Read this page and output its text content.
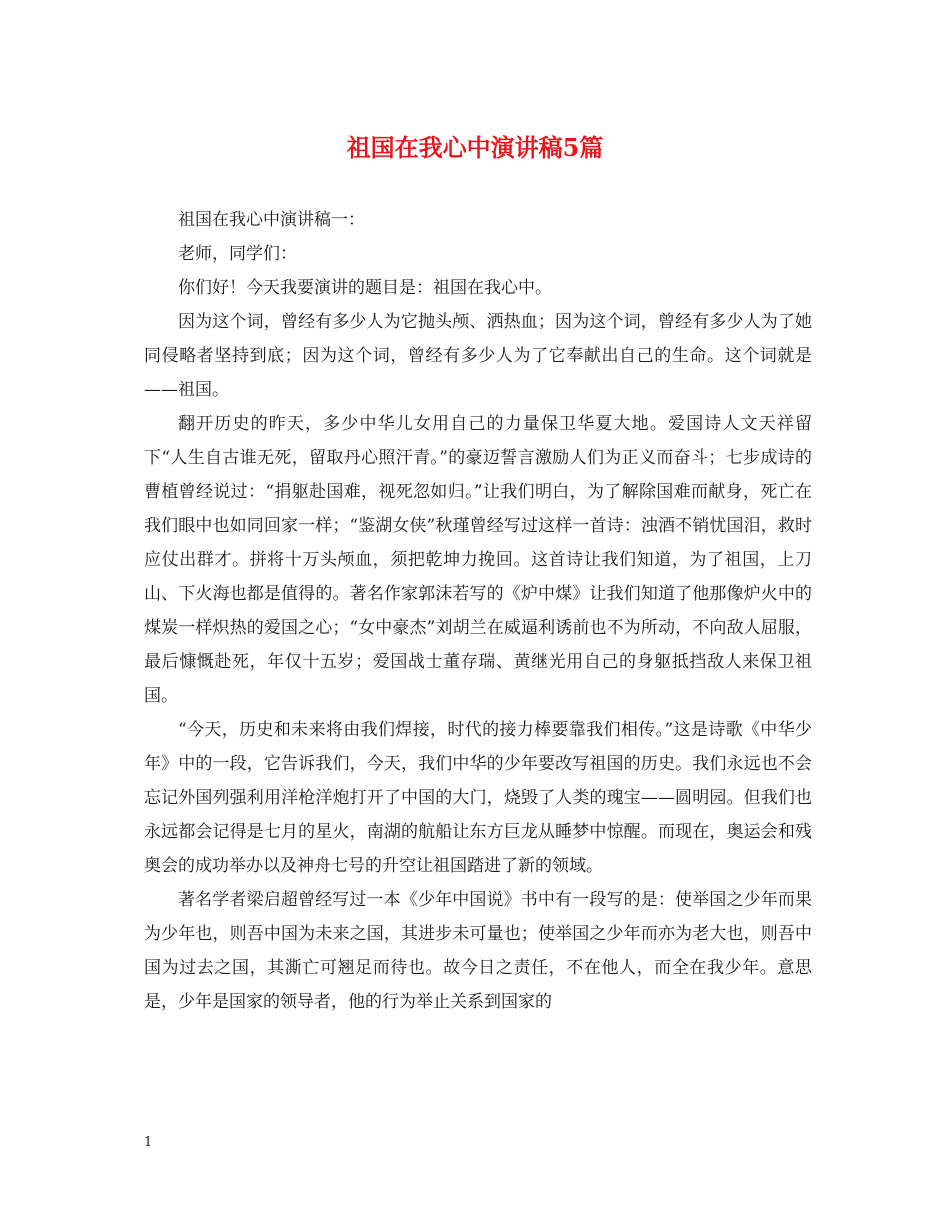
祖国在我心中演讲稿5篇

祖国在我心中演讲稿一：

老师，同学们：

你们好！今天我要演讲的题目是：祖国在我心中。

因为这个词，曾经有多少人为它抛头颅、洒热血；因为这个词，曾经有多少人为了她同侵略者坚持到底；因为这个词，曾经有多少人为了它奉献出自己的生命。这个词就是——祖国。

翻开历史的昨天，多少中华儿女用自己的力量保卫华夏大地。爱国诗人文天祥留下“人生自古谁无死，留取丹心照汗青。”的豪迈誓言激励人们为正义而奋斗；七步成诗的曹植曾经说过：“捐躯赴国难，视死忽如归。”让我们明白，为了解除国难而献身，死亡在我们眼中也如同回家一样；“鉴湖女侠”秋瑾曾经写过这样一首诗：浊酒不销忧国泪，救时应仗出群才。拼将十万头颅血，须把乾坤力挽回。这首诗让我们知道，为了祖国，上刀山、下火海也都是值得的。著名作家郭沫若写的《炉中煤》让我们知道了他那像炉火中的煤炭一样炽热的爱国之心；“女中豪杰”刘胡兰在威逼利诱前也不为所动，不向敌人屈服，最后慷慨赴死，年仅十五岁；爱国战士董存瑞、黄继光用自己的身躯抵挡敌人来保卫祖国。

“今天，历史和未来将由我们焊接，时代的接力棒要靠我们相传。”这是诗歌《中华少年》中的一段，它告诉我们，今天，我们中华的少年要改写祖国的历史。我们永远也不会忘记外国列强利用洋枪洋炮打开了中国的大门，烧毁了人类的瑰宝——圆明园。但我们也永远都会记得是七月的星火，南湖的航船让东方巨龙从睡梦中惊醒。而现在，奥运会和残奥会的成功举办以及神舟七号的升空让祖国踏进了新的领域。

著名学者梁启超曾经写过一本《少年中国说》书中有一段写的是：使举国之少年而果为少年也，则吾中国为未来之国，其进步未可量也；使举国之少年而亦为老大也，则吾中国为过去之国，其澌亡可翘足而待也。故今日之责任，不在他人，而全在我少年。意思是，少年是国家的领导者，他的行为举止关系到国家的

1
